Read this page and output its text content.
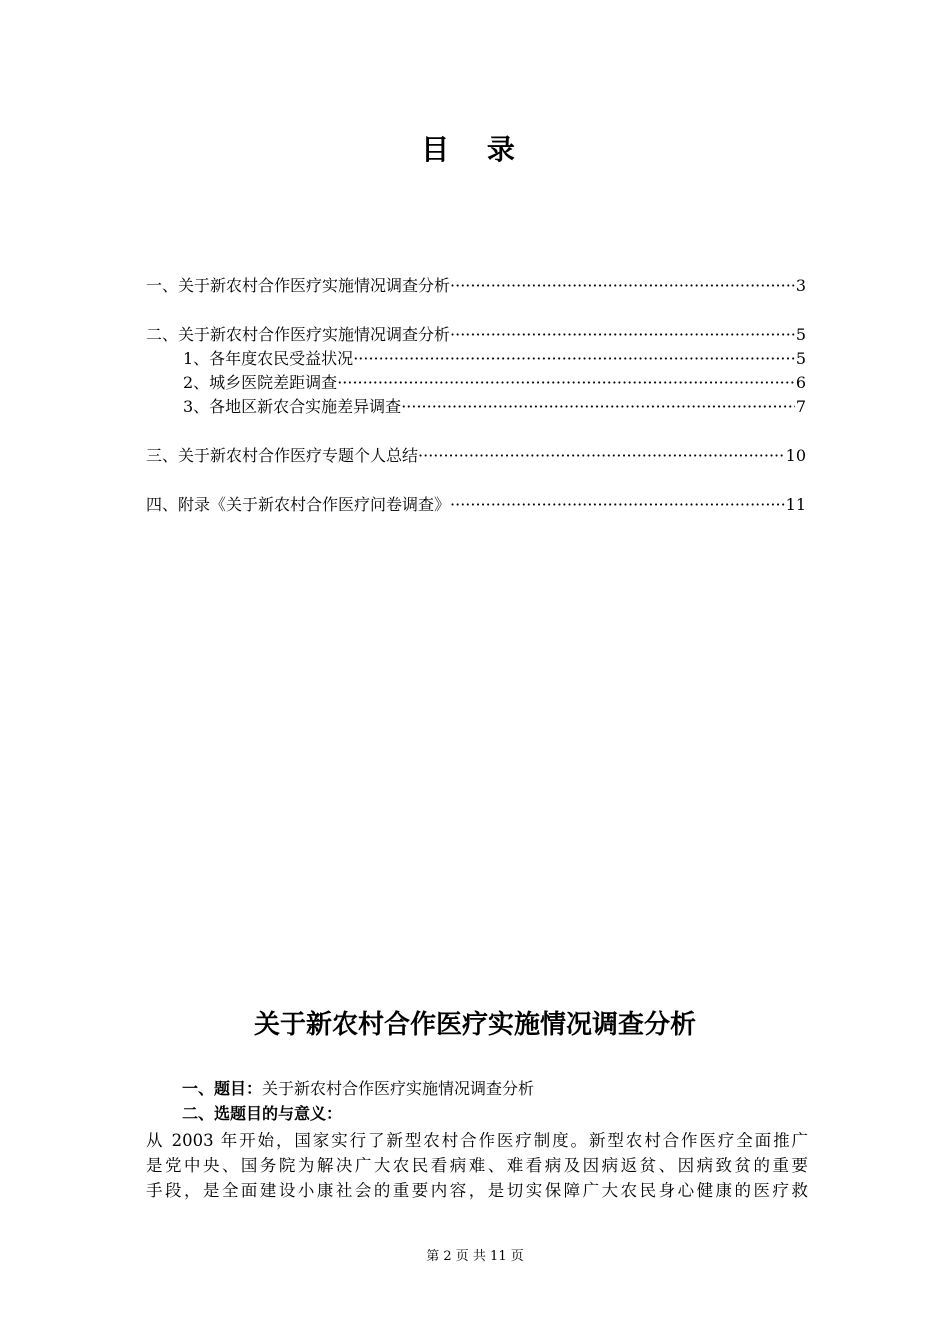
目 录
一、关于新农村合作医疗实施情况调查分析 ·····	3
二、关于新农村合作医疗实施情况调查分析 ·····	5
1、各年度农民受益状况 ·····	5
2、城乡医院差距调查 ·····	6
3、各地区新农合实施差异调查 ·····	7
三、关于新农村合作医疗专题个人总结 ·····	10
四、附录《关于新农村合作医疗问卷调查》 ·····	11
关于新农村合作医疗实施情况调查分析
一、题目：关于新农村合作医疗实施情况调查分析
二、选题目的与意义：
从 2003 年开始，国家实行了新型农村合作医疗制度。新型农村合作医疗全面推广
是党中央、国务院为解决广大农民看病难、难看病及因病返贫、因病致贫的重要
手段，是全面建设小康社会的重要内容，是切实保障广大农民身心健康的医疗救
第 2 页 共 11 页
